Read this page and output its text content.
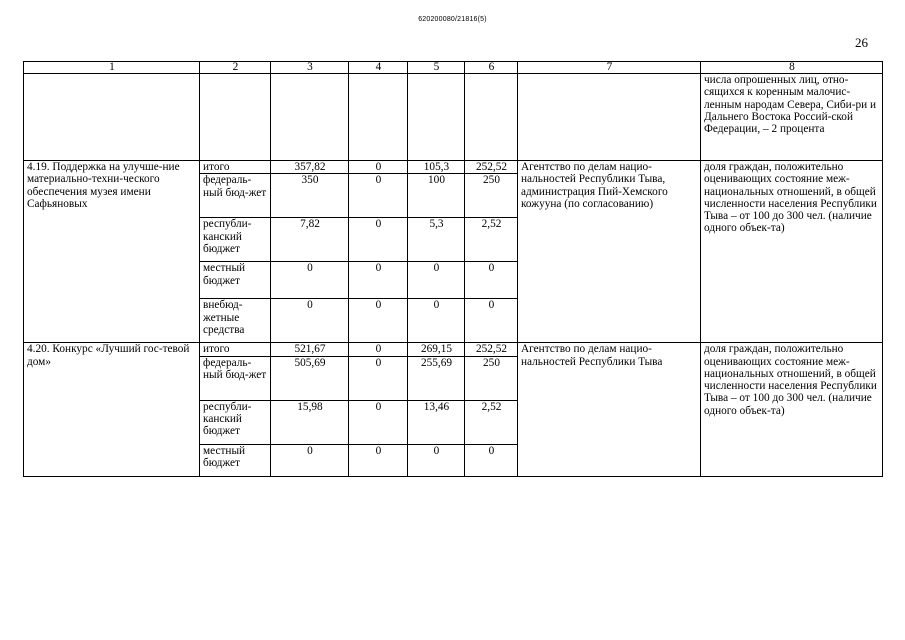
620200080/21816(5)
26
1	2	3	4	5	6	7	8
							числа опрошенных лиц, отно-сящихся к коренным малочис-ленным народам Севера, Сиби-ри и Дальнего Востока Россий-ской Федерации, – 2 процента
4.19. Поддержка на улучше-ние материально-техни-ческого обеспечения музея имени Сафьяновых	итого	357,82	0	105,3	252,52	Агентство по делам нацио-нальностей Республики Тыва, администрация Пий-Хемского кожууна (по согласованию)	доля граждан, положительно оценивающих состояние меж-национальных отношений, в общей численности населения Республики Тыва – от 100 до 300 чел. (наличие одного объек-та)
	федераль-ный бюд-жет	350	0	100	250		
	республи-канский бюджет	7,82	0	5,3	2,52		
	местный бюджет	0	0	0	0		
	внебюд-жетные средства	0	0	0	0		
4.20. Конкурс «Лучший гос-тевой дом»	итого	521,67	0	269,15	252,52	Агентство по делам нацио-нальностей Республики Тыва	доля граждан, положительно оценивающих состояние меж-национальных отношений, в общей численности населения Республики Тыва – от 100 до 300 чел. (наличие одного объек-та)
	федераль-ный бюд-жет	505,69	0	255,69	250		
	республи-канский бюджет	15,98	0	13,46	2,52		
	местный бюджет	0	0	0	0		
